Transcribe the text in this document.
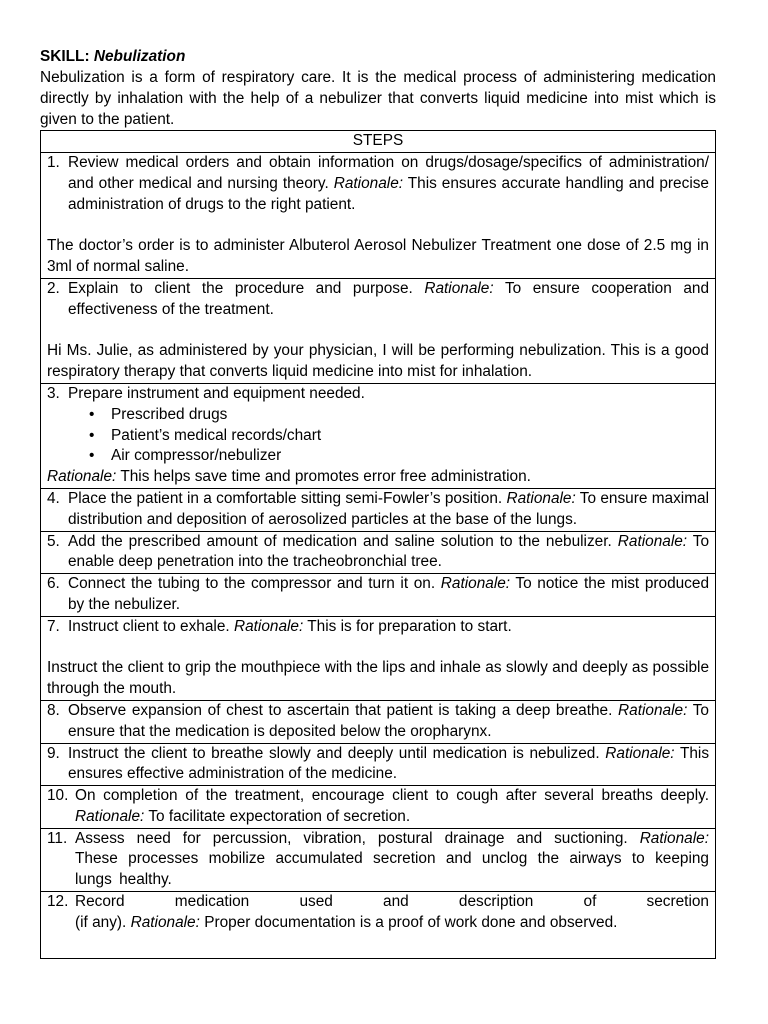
SKILL: Nebulization
Nebulization is a form of respiratory care. It is the medical process of administering medication directly by inhalation with the help of a nebulizer that converts liquid medicine into mist which is given to the patient.
STEPS

1. Review medical orders and obtain information on drugs/dosage/specifics of administration/ and other medical and nursing theory. Rationale: This ensures accurate handling and precise administration of drugs to the right patient.
The doctor’s order is to administer Albuterol Aerosol Nebulizer Treatment one dose of 2.5 mg in 3ml of normal saline.

2. Explain to client the procedure and purpose. Rationale: To ensure cooperation and effectiveness of the treatment.
Hi Ms. Julie, as administered by your physician, I will be performing nebulization. This is a good respiratory therapy that converts liquid medicine into mist for inhalation.

3. Prepare instrument and equipment needed.
• Prescribed drugs
• Patient’s medical records/chart
• Air compressor/nebulizer
Rationale: This helps save time and promotes error free administration.

4. Place the patient in a comfortable sitting semi-Fowler’s position. Rationale: To ensure maximal distribution and deposition of aerosolized particles at the base of the lungs.

5. Add the prescribed amount of medication and saline solution to the nebulizer. Rationale: To enable deep penetration into the tracheobronchial tree.

6. Connect the tubing to the compressor and turn it on. Rationale: To notice the mist produced by the nebulizer.

7. Instruct client to exhale. Rationale: This is for preparation to start.
Instruct the client to grip the mouthpiece with the lips and inhale as slowly and deeply as possible through the mouth.

8. Observe expansion of chest to ascertain that patient is taking a deep breathe. Rationale: To ensure that the medication is deposited below the oropharynx.

9. Instruct the client to breathe slowly and deeply until medication is nebulized. Rationale: This ensures effective administration of the medicine.

10. On completion of the treatment, encourage client to cough after several breaths deeply. Rationale: To facilitate expectoration of secretion.

11. Assess need for percussion, vibration, postural drainage and suctioning. Rationale: These processes mobilize accumulated secretion and unclog the airways to keeping lungs healthy.

12. Record medication used and description of secretion
(if any). Rationale: Proper documentation is a proof of work done and observed.
